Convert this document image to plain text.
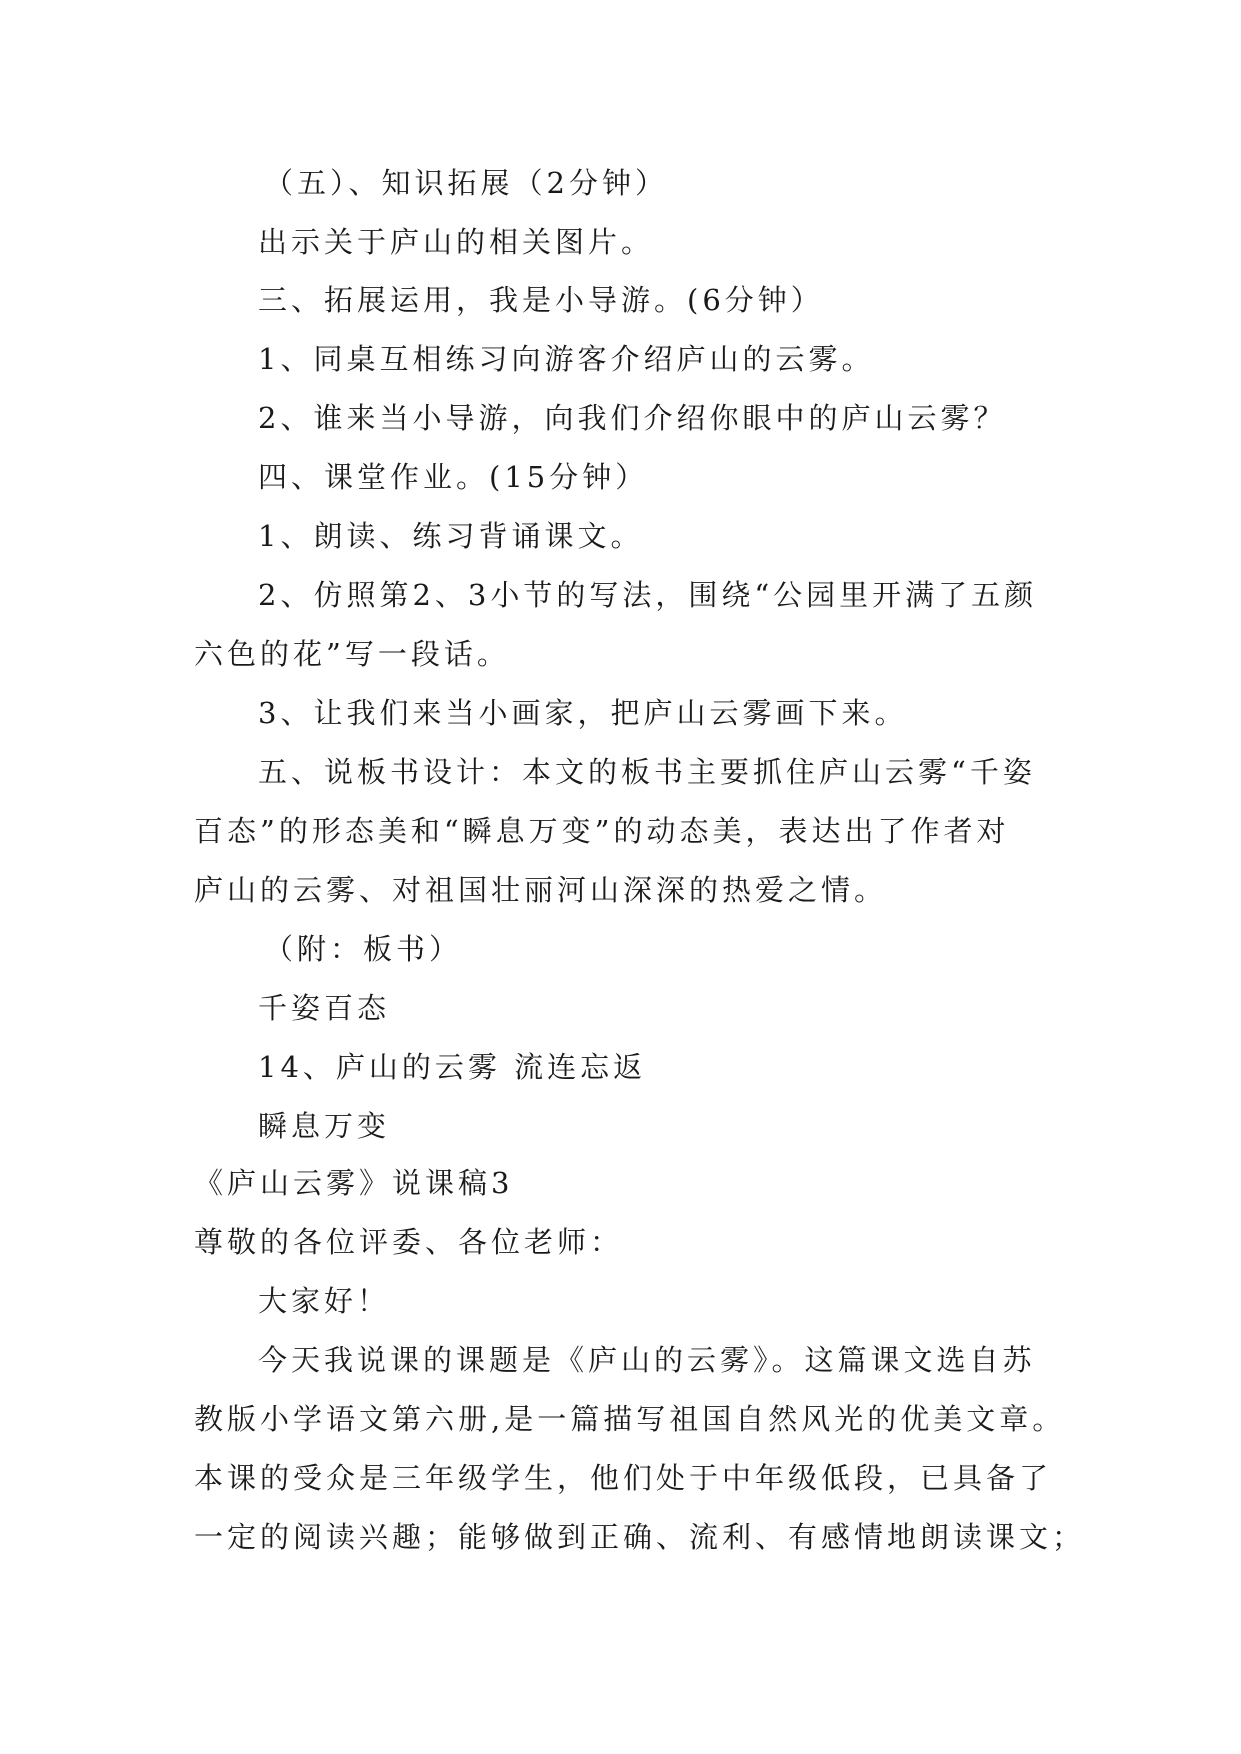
（五）、知识拓展（2分钟）
出示关于庐山的相关图片。
三、拓展运用，我是小导游。(6分钟）
1、同桌互相练习向游客介绍庐山的云雾。
2、谁来当小导游，向我们介绍你眼中的庐山云雾？
四、课堂作业。(15分钟）
1、朗读、练习背诵课文。
2、仿照第2、3小节的写法，围绕“公园里开满了五颜
六色的花”写一段话。
3、让我们来当小画家，把庐山云雾画下来。
五、说板书设计：本文的板书主要抓住庐山云雾“千姿
百态”的形态美和“瞬息万变”的动态美，表达出了作者对
庐山的云雾、对祖国壮丽河山深深的热爱之情。
（附：板书）
千姿百态
14、庐山的云雾 流连忘返
瞬息万变
《庐山云雾》说课稿3
尊敬的各位评委、各位老师：
大家好！
今天我说课的课题是《庐山的云雾》。这篇课文选自苏
教版小学语文第六册,是一篇描写祖国自然风光的优美文章。
本课的受众是三年级学生，他们处于中年级低段，已具备了
一定的阅读兴趣；能够做到正确、流利、有感情地朗读课文；
